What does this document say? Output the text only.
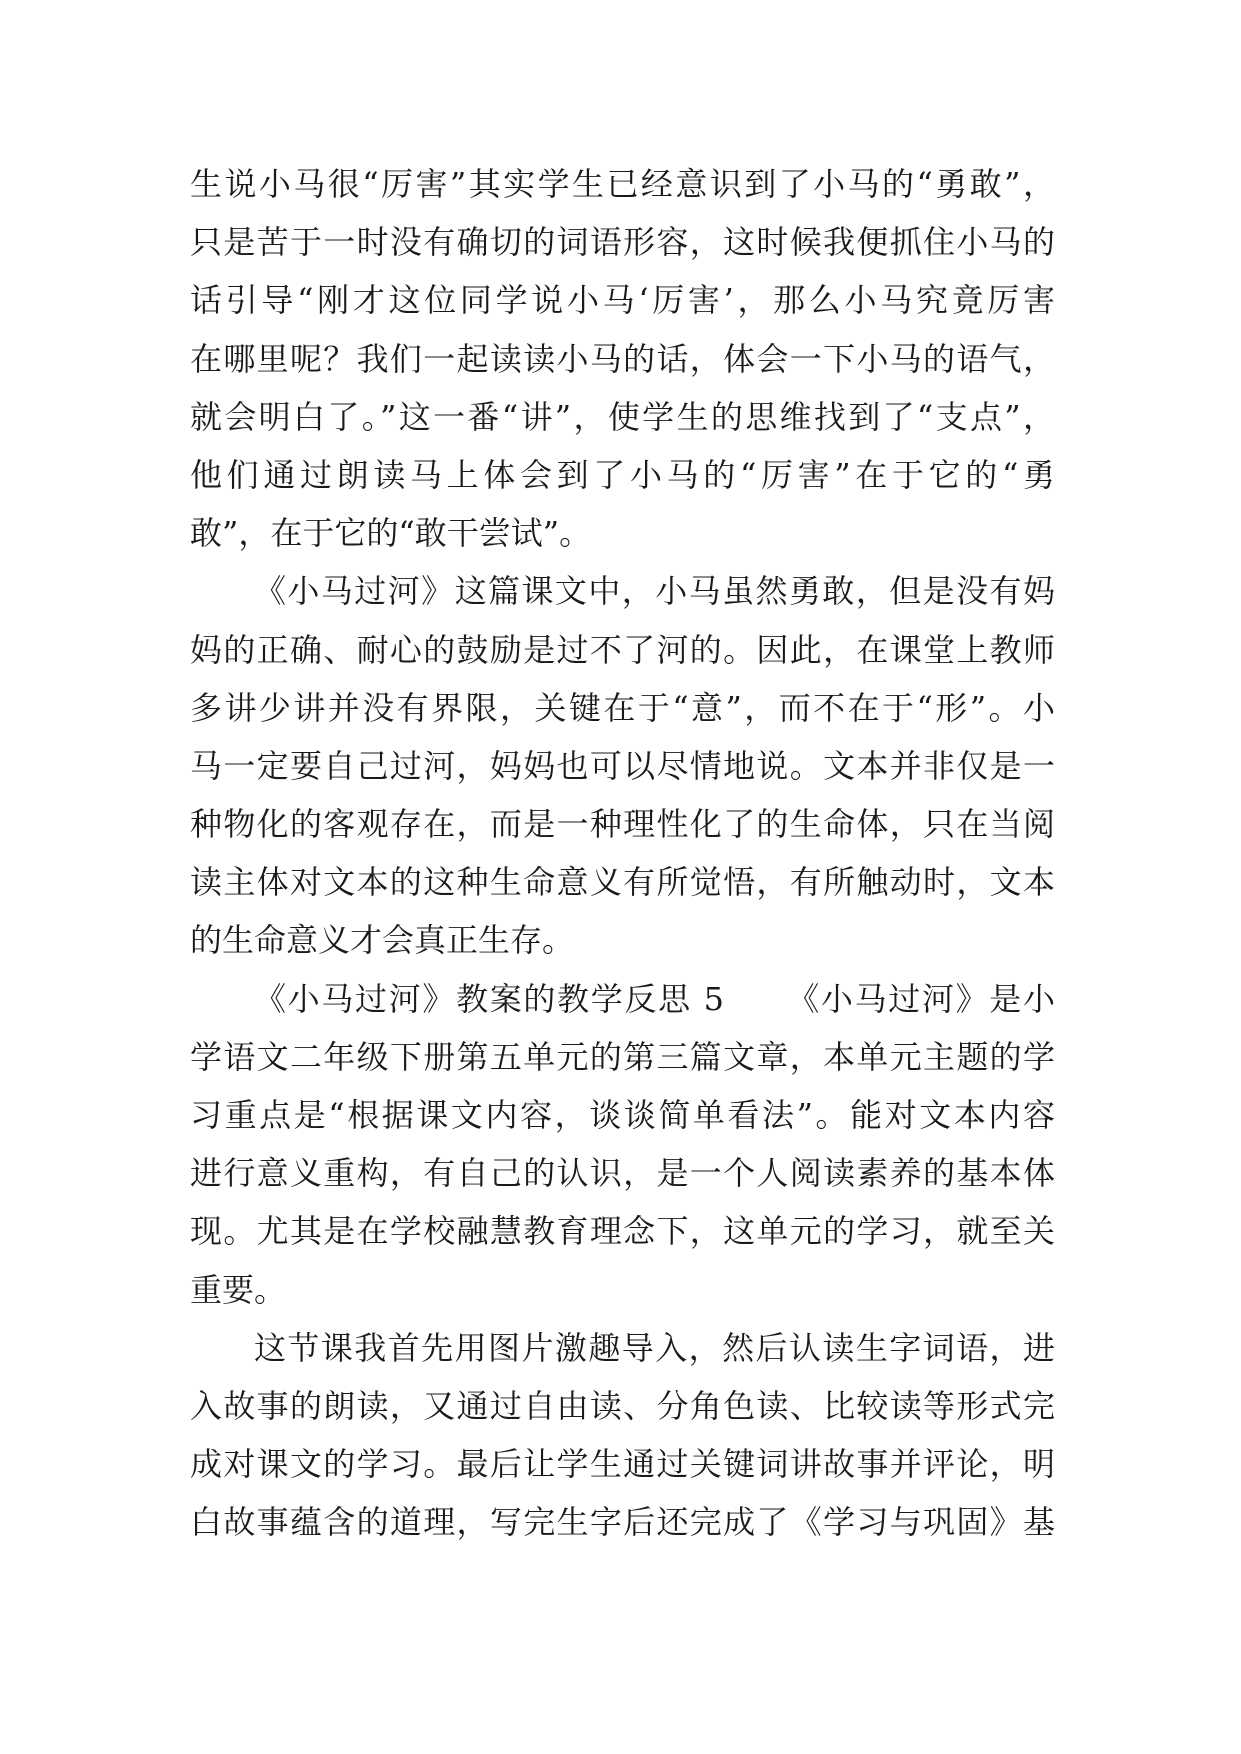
生说小马很“厉害”其实学生已经意识到了小马的“勇敢”，
只是苦于一时没有确切的词语形容，这时候我便抓住小马的
话引导“刚才这位同学说小马‘厉害’，那么小马究竟厉害
在哪里呢？我们一起读读小马的话，体会一下小马的语气，
就会明白了。”这一番“讲”，使学生的思维找到了“支点”，
他们通过朗读马上体会到了小马的“厉害”在于它的“勇
敢”，在于它的“敢干尝试”。
《小马过河》这篇课文中，小马虽然勇敢，但是没有妈
妈的正确、耐心的鼓励是过不了河的。因此，在课堂上教师
多讲少讲并没有界限，关键在于“意”，而不在于“形”。小
马一定要自己过河，妈妈也可以尽情地说。文本并非仅是一
种物化的客观存在，而是一种理性化了的生命体，只在当阅
读主体对文本的这种生命意义有所觉悟，有所触动时，文本
的生命意义才会真正生存。
《小马过河》教案的教学反思 5 　　《小马过河》是小
学语文二年级下册第五单元的第三篇文章，本单元主题的学
习重点是“根据课文内容，谈谈简单看法”。能对文本内容
进行意义重构，有自己的认识，是一个人阅读素养的基本体
现。尤其是在学校融慧教育理念下，这单元的学习，就至关
重要。
这节课我首先用图片激趣导入，然后认读生字词语，进
入故事的朗读，又通过自由读、分角色读、比较读等形式完
成对课文的学习。最后让学生通过关键词讲故事并评论，明
白故事蕴含的道理，写完生字后还完成了《学习与巩固》基
